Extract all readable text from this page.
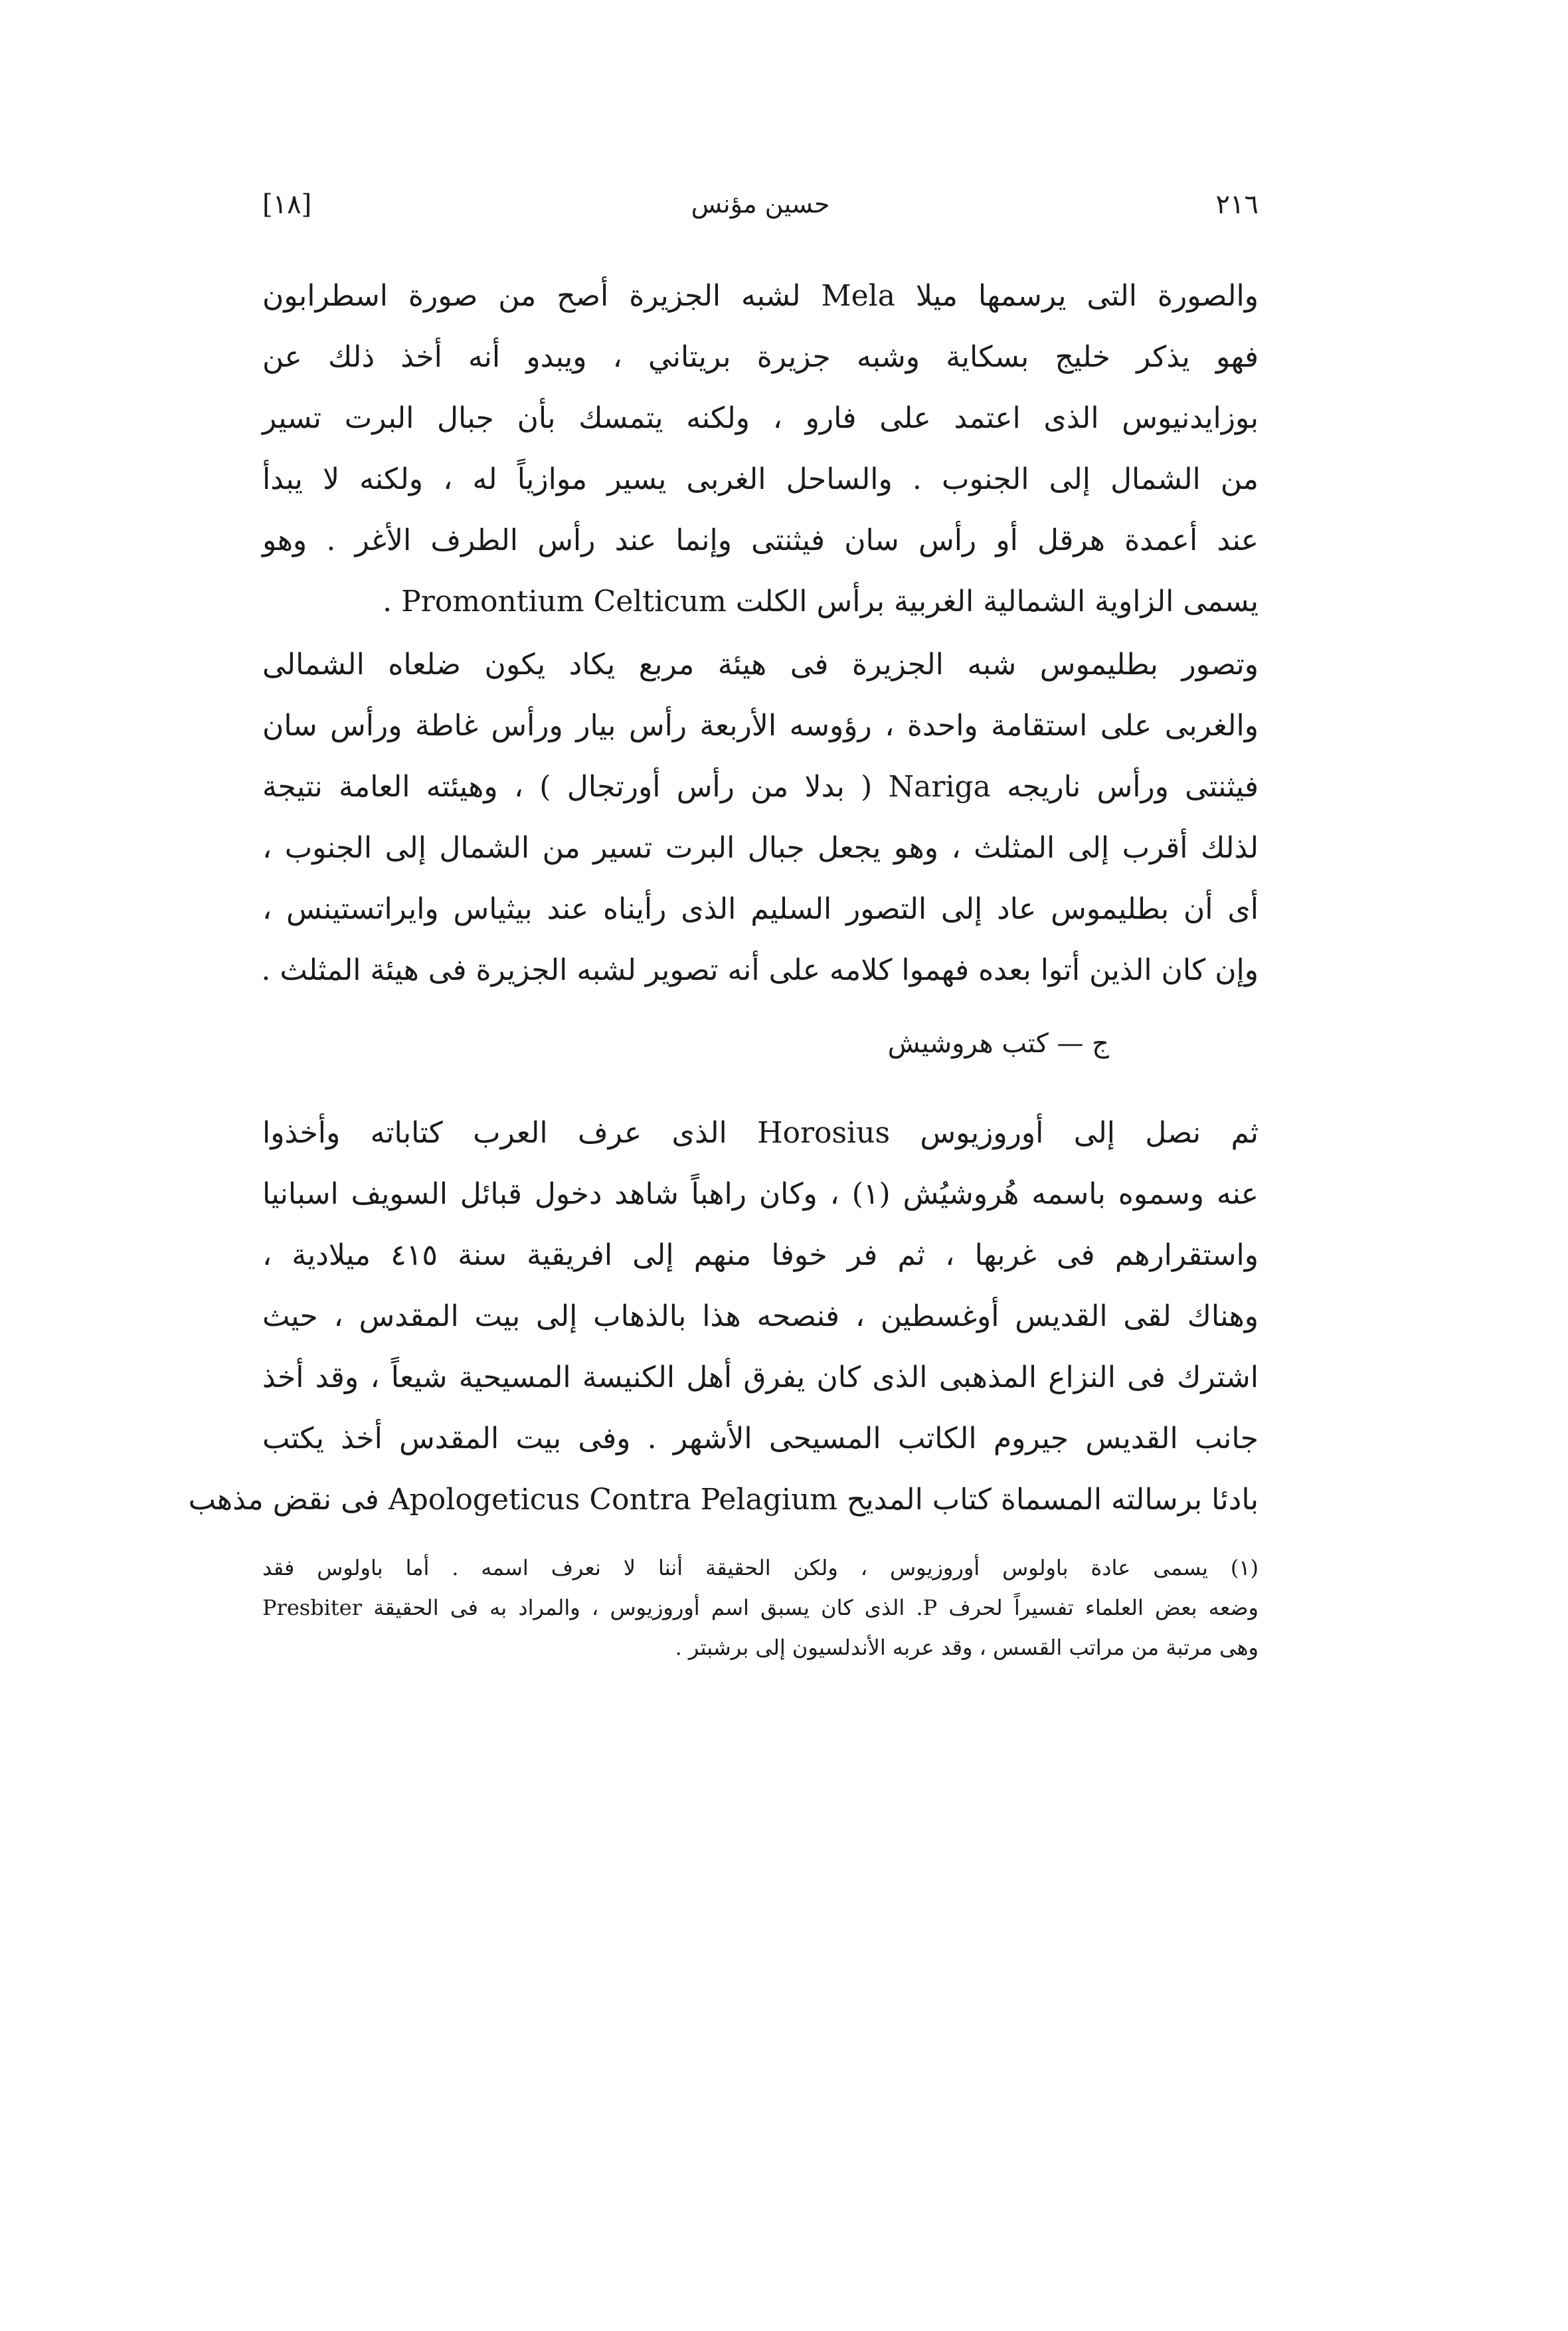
٢١٦
حسين مؤنس
[١٨]
والصورة التى يرسمها ميلا Mela لشبه الجزيرة أصح من صورة اسطرابون
فهو يذكر خليج بسكاية وشبه جزيرة بريتاني ، ويبدو أنه أخذ ذلك عن
بوزايدنيوس الذى اعتمد على فارو ، ولكنه يتمسك بأن جبال البرت تسير
من الشمال إلى الجنوب . والساحل الغربى يسير موازياً له ، ولكنه لا يبدأ
عند أعمدة هرقل أو رأس سان فيثنتى وإنما عند رأس الطرف الأغر . وهو
يسمى الزاوية الشمالية الغربية برأس الكلت Promontium Celticum .
وتصور بطليموس شبه الجزيرة فى هيئة مربع يكاد يكون ضلعاه الشمالى
والغربى على استقامة واحدة ، رؤوسه الأربعة رأس بيار ورأس غاطة ورأس سان
فيثنتى ورأس ناريجه Nariga ( بدلا من رأس أورتجال ) ، وهيئته العامة نتيجة
لذلك أقرب إلى المثلث ، وهو يجعل جبال البرت تسير من الشمال إلى الجنوب ،
أى أن بطليموس عاد إلى التصور السليم الذى رأيناه عند بيثياس وايراتستينس ،
وإن كان الذين أتوا بعده فهموا كلامه على أنه تصوير لشبه الجزيرة فى هيئة المثلث .
ج — كتب هروشيش
ثم نصل إلى أوروزيوس Horosius الذى عرف العرب كتاباته وأخذوا
عنه وسموه باسمه هُروشيُش (١) ، وكان راهباً شاهد دخول قبائل السويف اسبانيا
واستقرارهم فى غربها ، ثم فر خوفا منهم إلى افريقية سنة ٤١٥ ميلادية ،
وهناك لقى القديس أوغسطين ، فنصحه هذا بالذهاب إلى بيت المقدس ، حيث
اشترك فى النزاع المذهبى الذى كان يفرق أهل الكنيسة المسيحية شيعاً ، وقد أخذ
جانب القديس جيروم الكاتب المسيحى الأشهر . وفى بيت المقدس أخذ يكتب
بادئا برسالته المسماة كتاب المديح Apologeticus Contra Pelagium فى نقض مذهب
(١) يسمى عادة باولوس أوروزيوس ، ولكن الحقيقة أننا لا نعرف اسمه . أما باولوس فقد
وضعه بعض العلماء تفسيراً لحرف P. الذى كان يسبق اسم أوروزيوس ، والمراد به فى الحقيقة Presbiter
وهى مرتبة من مراتب القسس ، وقد عربه الأندلسيون إلى برشبتر .
